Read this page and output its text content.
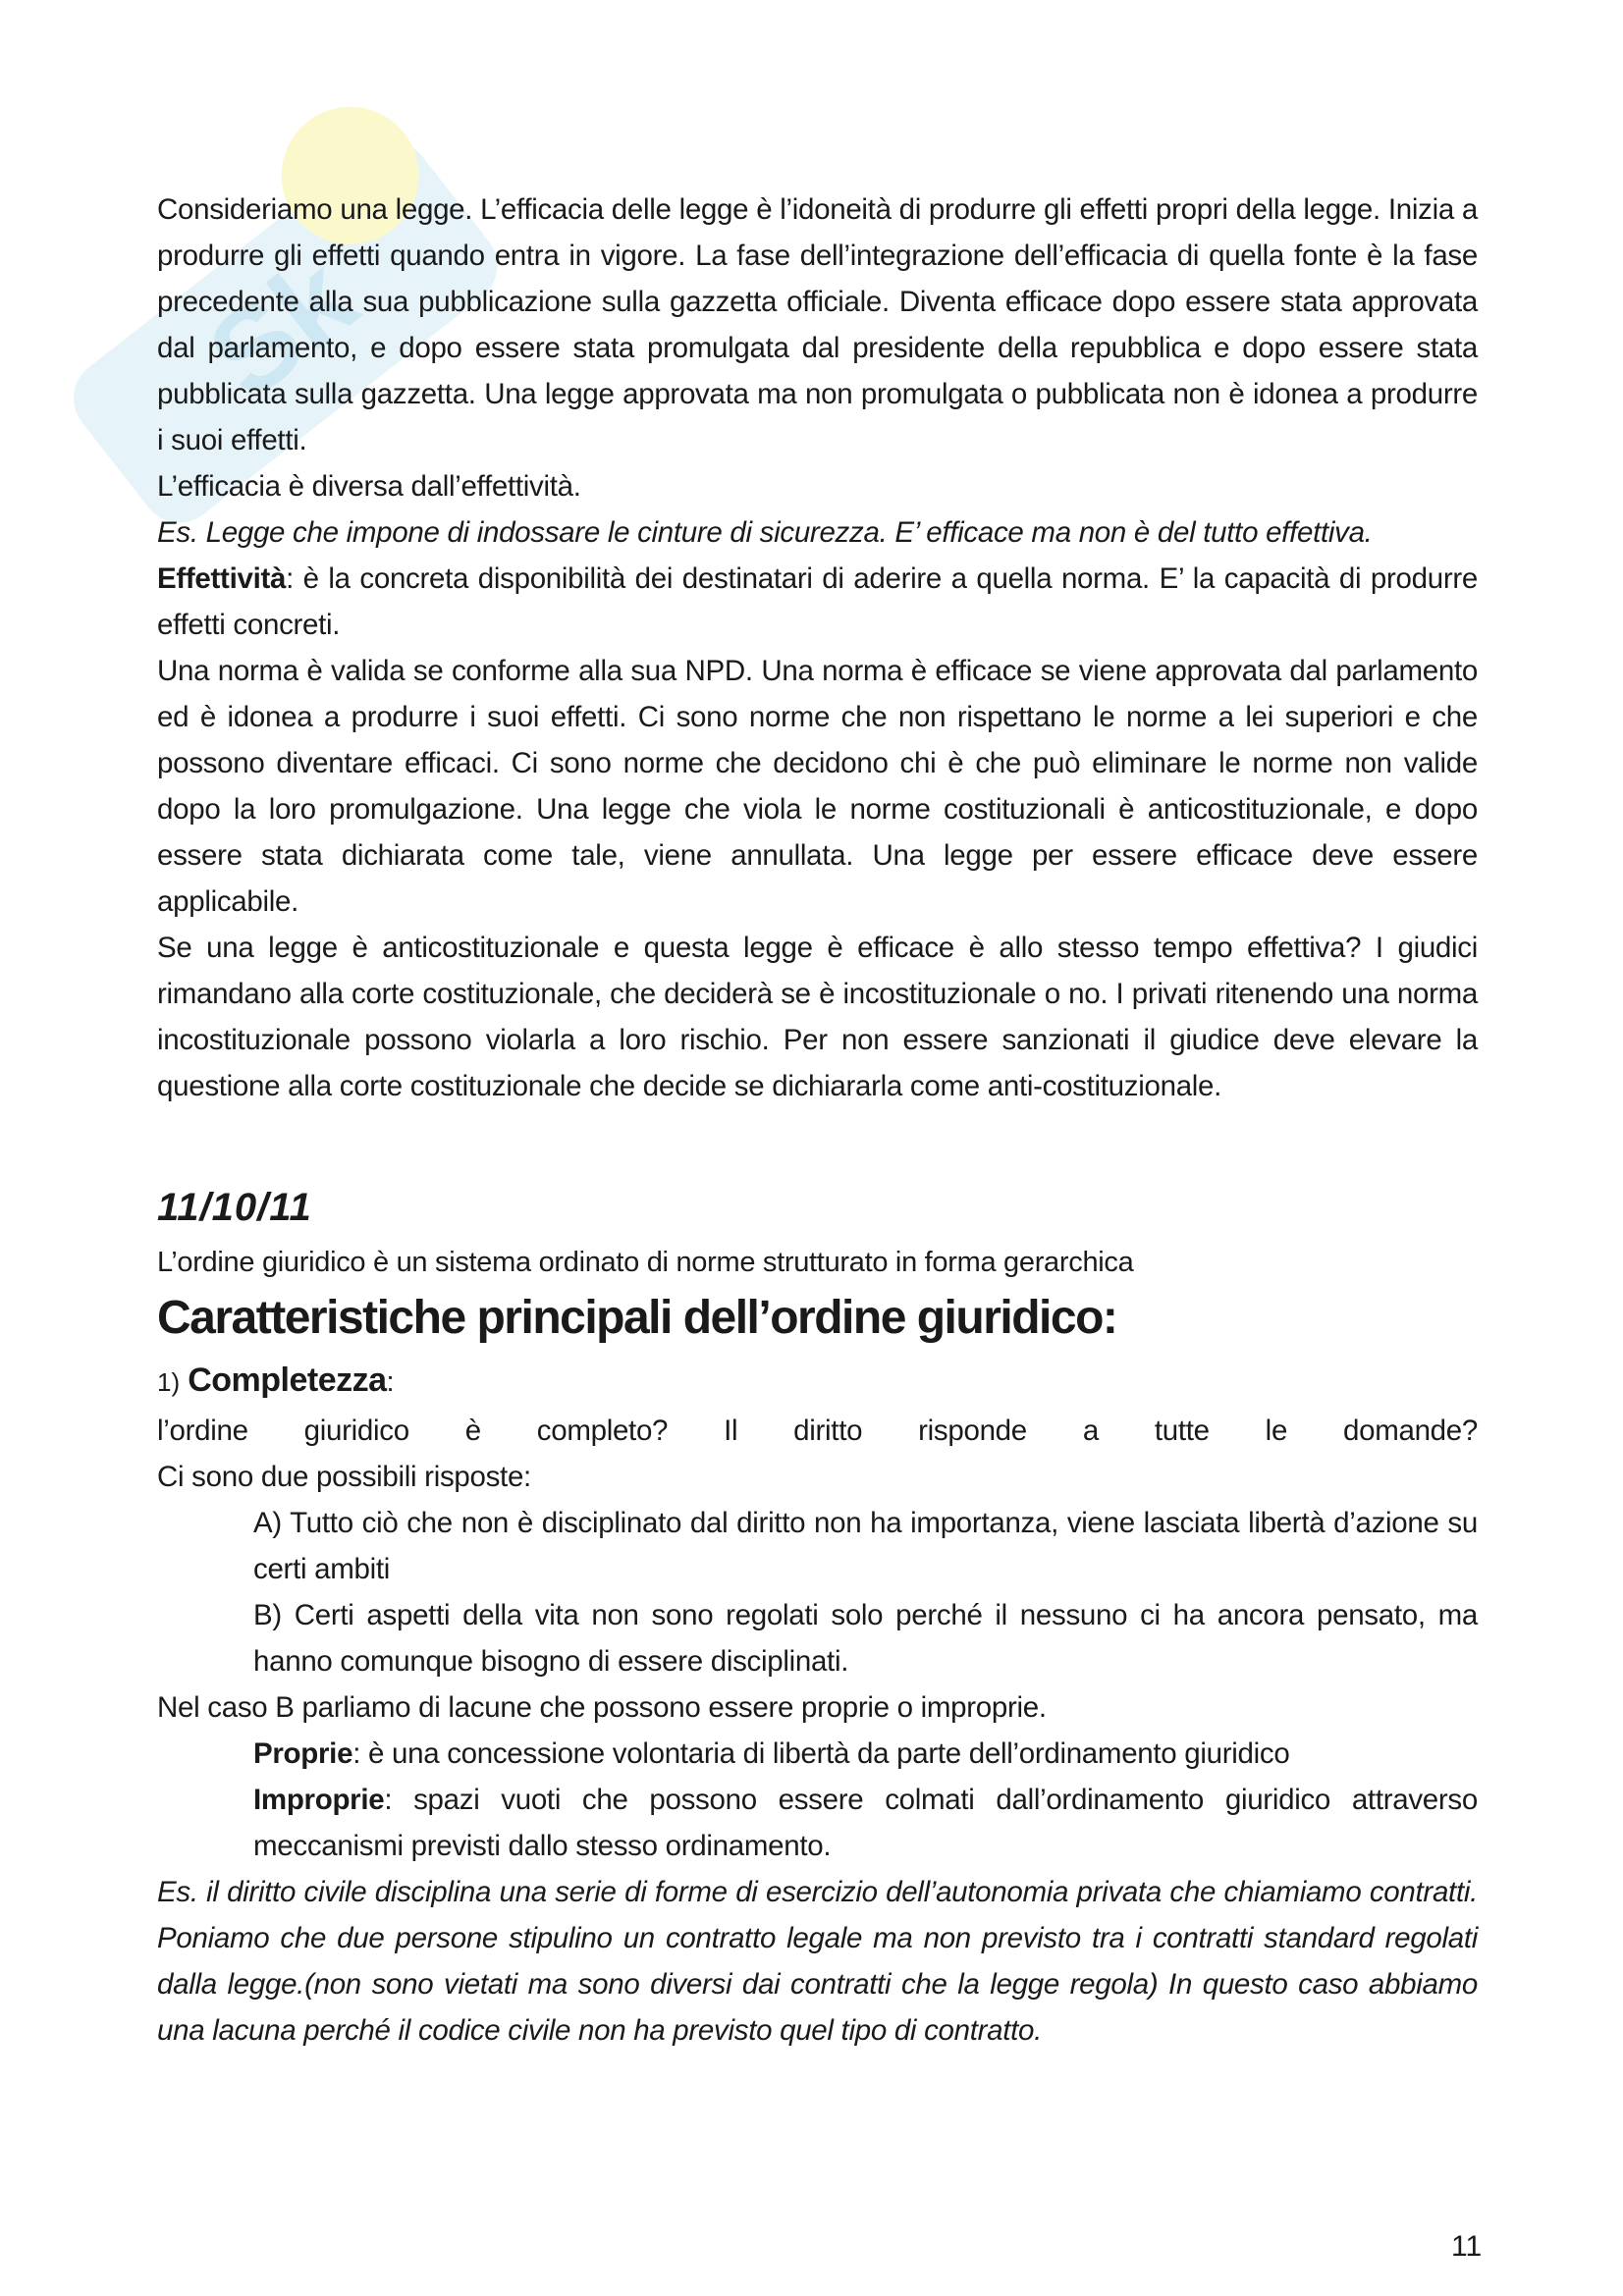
Sk

Consideriamo una legge. L’efficacia delle legge è l’idoneità di produrre gli effetti propri della legge. Inizia a produrre gli effetti quando entra in vigore. La fase dell’integrazione dell’efficacia di quella fonte è la fase precedente alla sua pubblicazione sulla gazzetta officiale. Diventa efficace dopo essere stata approvata dal parlamento, e dopo essere stata promulgata dal presidente della repubblica e dopo essere stata pubblicata sulla gazzetta. Una legge approvata ma non promulgata o pubblicata non è idonea a produrre i suoi effetti.

L’efficacia è diversa dall’effettività.

Es. Legge che impone di indossare le cinture di sicurezza. E’ efficace ma non è del tutto effettiva.

Effettività: è la concreta disponibilità dei destinatari di aderire a quella norma. E’ la capacità di produrre effetti concreti.

Una norma è valida se conforme alla sua NPD. Una norma è efficace se viene approvata dal parlamento ed è idonea a produrre i suoi effetti. Ci sono norme che non rispettano le norme a lei superiori e che possono diventare efficaci. Ci sono norme che decidono chi è che può eliminare le norme non valide dopo la loro promulgazione. Una legge che viola le norme costituzionali è anticostituzionale, e dopo essere stata dichiarata come tale, viene annullata. Una legge per essere efficace deve essere applicabile.

Se una legge è anticostituzionale e questa legge è efficace è allo stesso tempo effettiva? I giudici rimandano alla corte costituzionale, che deciderà se è incostituzionale o no. I privati ritenendo una norma incostituzionale possono violarla a loro rischio. Per non essere sanzionati il giudice deve elevare la questione alla corte costituzionale che decide se dichiararla come anti-costituzionale.

11/10/11

L’ordine giuridico è un sistema ordinato di norme strutturato in forma gerarchica

Caratteristiche principali dell’ordine giuridico:

1) Completezza:

l’ordine giuridico è completo? Il diritto risponde a tutte le domande?

Ci sono due possibili risposte:

A) Tutto ciò che non è disciplinato dal diritto non ha importanza, viene lasciata libertà d’azione su certi ambiti

B) Certi aspetti della vita non sono regolati solo perché il nessuno ci ha ancora pensato, ma hanno comunque bisogno di essere disciplinati.

Nel caso B parliamo di lacune che possono essere proprie o improprie.

Proprie: è una concessione volontaria di libertà da parte dell’ordinamento giuridico

Improprie: spazi vuoti che possono essere colmati dall’ordinamento giuridico attraverso meccanismi previsti dallo stesso ordinamento.

Es. il diritto civile disciplina una serie di forme di esercizio dell’autonomia privata che chiamiamo contratti. Poniamo che due persone stipulino un contratto legale ma non previsto tra i contratti standard regolati dalla legge.(non sono vietati ma sono diversi dai contratti che la legge regola) In questo caso abbiamo una lacuna perché il codice civile non ha previsto quel tipo di contratto.

11
